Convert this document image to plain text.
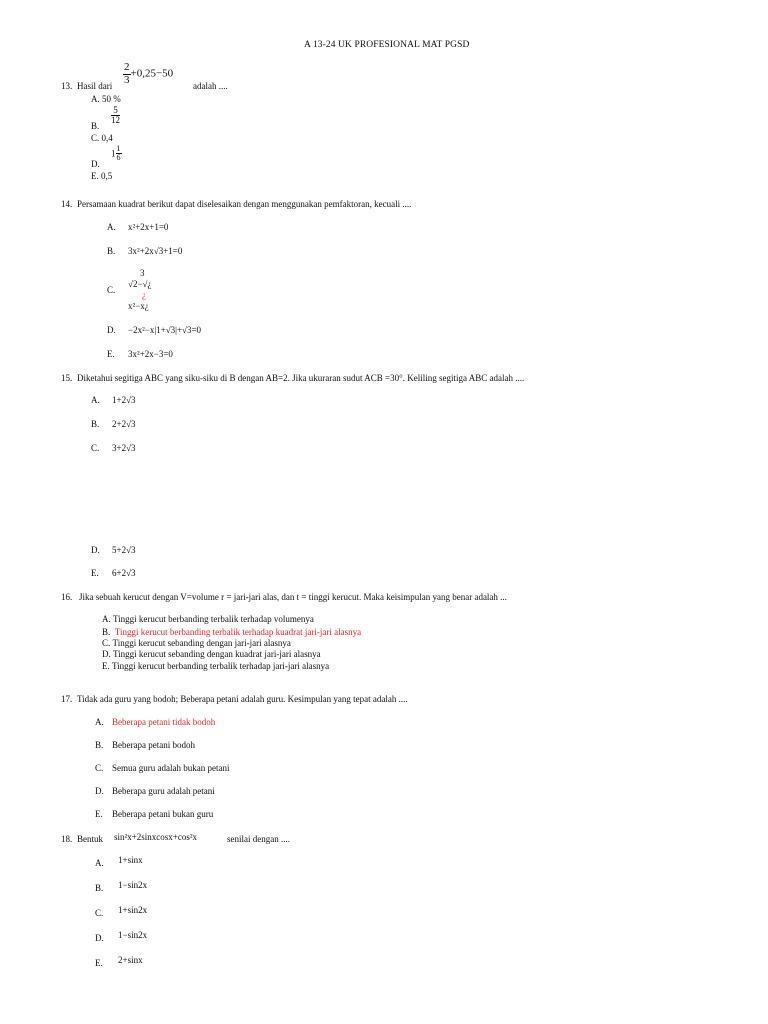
A 13-24 UK PROFESIONAL MAT PGSD
13. Hasil dari $\frac{2}{3} +0,25-50$
adalah ....
A. 50 %
B.
$\frac{5}{12}$
C. 0,4
D.
$1 \frac{1}{6}$
E. 0,5
14. Persamaan kuadrat berikut dapat diselesaikan dengan menggunakan pemfaktoran, kecuali ....
A. x²+2x+1=0
B. 3x²+2x√3+1=0
C.
3
√2−√¿
¿
x²−x¿
D. −2x²−x|1+√3|+√3=0
E. 3x²+2x−3=0
15. Diketahui segitiga ABC yang siku-siku di B dengan AB=2. Jika ukuraran sudut ACB =30°. Keliling segitiga ABC adalah ....
A. 1+2√3
B. 2+2√3
C. 3+2√3
D. 5+2√3
E. 6+2√3
16. Jika sebuah kerucut dengan V=volume r = jari-jari alas, dan t = tinggi kerucut. Maka keisimpulan yang benar adalah ...
A. Tinggi kerucut berbanding terbalik terhadap volumenya
B. Tinggi kerucut berbanding terbalik terhadap kuadrat jari-jari alasnya
C. Tinggi kerucut sebanding dengan jari-jari alasnya
D. Tinggi kerucut sebanding dengan kuadrat jari-jari alasnya
E. Tinggi kerucut berbanding terbalik terhadap jari-jari alasnya
17. Tidak ada guru yang bodoh; Beberapa petani adalah guru. Kesimpulan yang tepat adalah ....
A. Beberapa petani tidak bodoh
B. Beberapa petani bodoh
C. Semua guru adalah bukan petani
D. Beberapa guru adalah petani
E. Beberapa petani bukan guru
18. Bentuk sin²x+2sinxcosx+cos²x	senilai dengan ....
A. 1+sinx
B. 1−sin2x
C. 1+sin2x
D. 1−sin2x
E. 2+sinx
